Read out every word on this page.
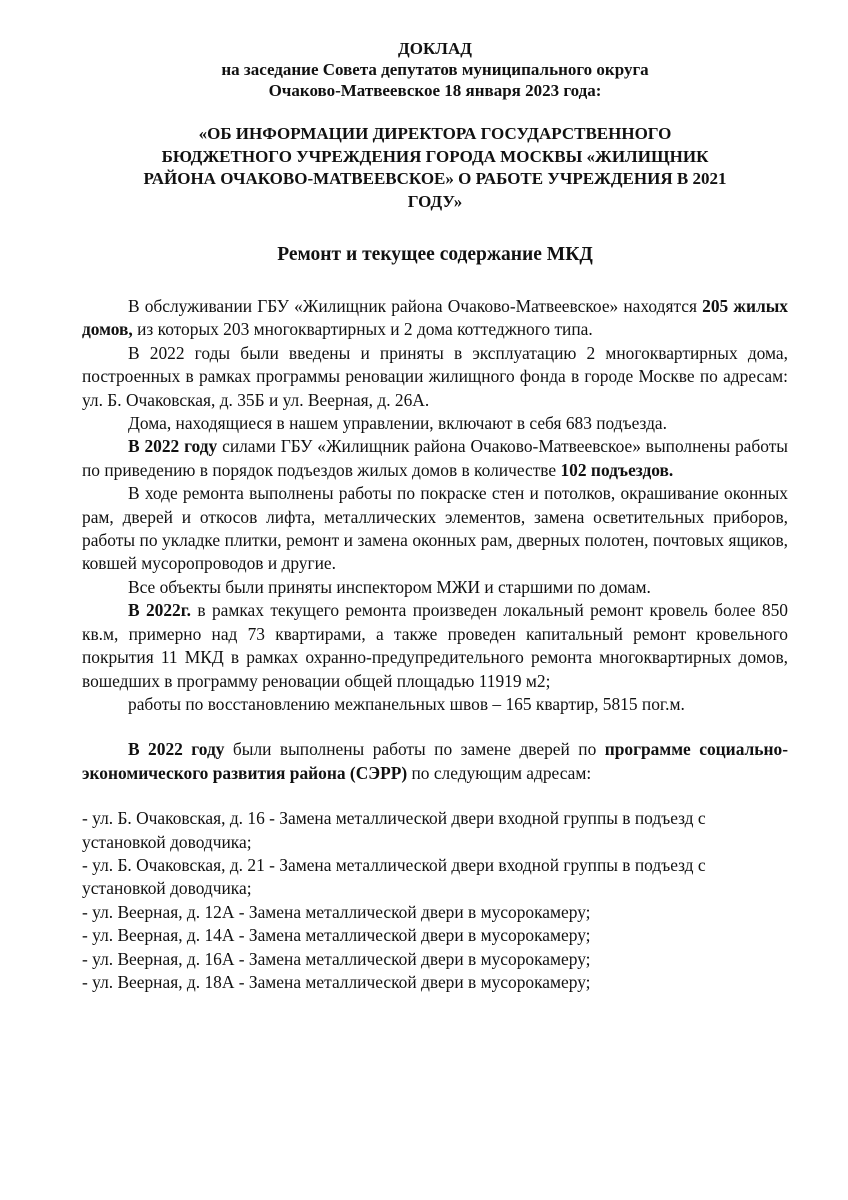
ДОКЛАД
на заседание Совета депутатов муниципального округа
Очаково-Матвеевское 18 января 2023 года:
«ОБ ИНФОРМАЦИИ ДИРЕКТОРА ГОСУДАРСТВЕННОГО
БЮДЖЕТНОГО УЧРЕЖДЕНИЯ ГОРОДА МОСКВЫ «ЖИЛИЩНИК
РАЙОНА ОЧАКОВО-МАТВЕЕВСКОЕ» О РАБОТЕ УЧРЕЖДЕНИЯ В 2021
ГОДУ»
Ремонт и текущее содержание МКД

В обслуживании ГБУ «Жилищник района Очаково-Матвеевское» находятся 205 жилых домов, из которых 203 многоквартирных и 2 дома коттеджного типа.

В 2022 годы были введены и приняты в эксплуатацию 2 многоквартирных дома, построенных в рамках программы реновации жилищного фонда в городе Москве по адресам: ул. Б. Очаковская, д. 35Б и ул. Веерная, д. 26А.

Дома, находящиеся в нашем управлении, включают в себя 683 подъезда.

В 2022 году силами ГБУ «Жилищник района Очаково-Матвеевское» выполнены работы по приведению в порядок подъездов жилых домов в количестве 102 подъездов.

В ходе ремонта выполнены работы по покраске стен и потолков, окрашивание оконных рам, дверей и откосов лифта, металлических элементов, замена осветительных приборов, работы по укладке плитки, ремонт и замена оконных рам, дверных полотен, почтовых ящиков, ковшей мусоропроводов и другие.

Все объекты были приняты инспектором МЖИ и старшими по домам.

В 2022г. в рамках текущего ремонта произведен локальный ремонт кровель более 850 кв.м, примерно над 73 квартирами, а также проведен капитальный ремонт кровельного покрытия 11 МКД в рамках охранно-предупредительного ремонта многоквартирных домов, вошедших в программу реновации общей площадью 11919 м2;

работы по восстановлению межпанельных швов – 165 квартир, 5815 пог.м.

В 2022 году были выполнены работы по замене дверей по программе социально-экономического развития района (СЭРР) по следующим адресам:

- ул. Б. Очаковская, д. 16 - Замена металлической двери входной группы в подъезд с установкой доводчика;

- ул. Б. Очаковская, д. 21 - Замена металлической двери входной группы в подъезд с установкой доводчика;

- ул. Веерная, д. 12А - Замена металлической двери в мусорокамеру;

- ул. Веерная, д. 14А - Замена металлической двери в мусорокамеру;

- ул. Веерная, д. 16А - Замена металлической двери в мусорокамеру;

- ул. Веерная, д. 18А - Замена металлической двери в мусорокамеру;
